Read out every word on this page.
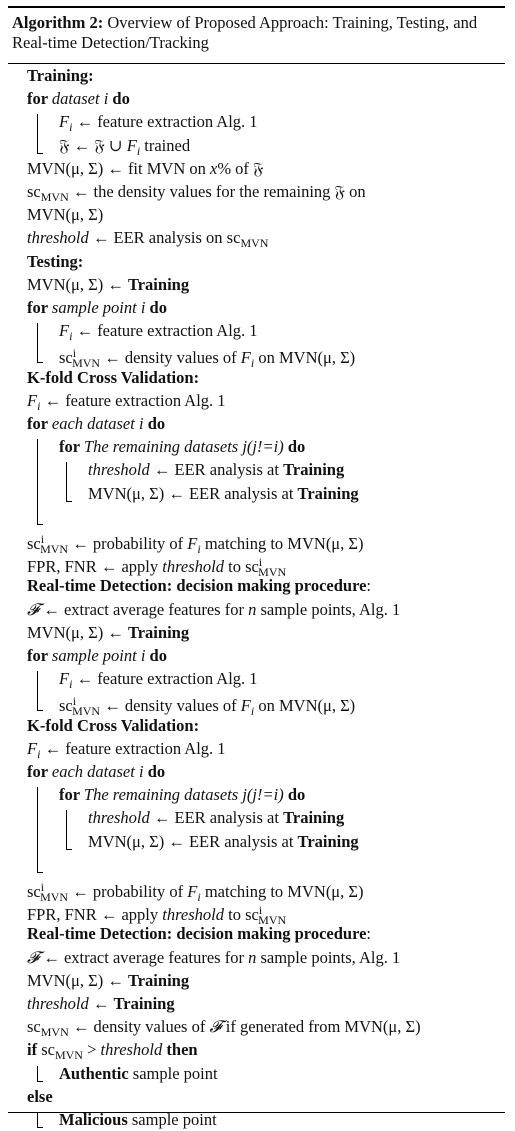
Algorithm 2: Overview of Proposed Approach: Training, Testing, and Real-time Detection/Tracking
Training:
for dataset i do
$F_i$ ← feature extraction Alg. 1
𝔉 ← 𝔉 ∪ $F_i$ trained
MVN(μ, Σ) ← fit MVN on x% of 𝔉
$sc_{MVN}$ ← the density values for the remaining 𝔉 on
MVN(μ, Σ)
threshold ← EER analysis on $sc_{MVN}$
Testing:
MVN(μ, Σ) ← Training
for sample point i do
$F_i$ ← feature extraction Alg. 1
$sc^i_{MVN}$ ← density values of $F_i$ on MVN(μ, Σ)
K-fold Cross Validation:
$F_i$ ← feature extraction Alg. 1
for each dataset i do
for The remaining datasets j(j!=i) do
threshold ← EER analysis at Training
MVN(μ, Σ) ← EER analysis at Training
$sc^i_{MVN}$ ← probability of $F_i$ matching to MVN(μ, Σ)
FPR, FNR ← apply threshold to $sc^i_{MVN}$
Real-time Detection: decision making procedure:
𝓕 ← extract average features for n sample points, Alg. 1
MVN(μ, Σ) ← Training
for sample point i do
$F_i$ ← feature extraction Alg. 1
$sc^i_{MVN}$ ← density values of $F_i$ on MVN(μ, Σ)
K-fold Cross Validation:
$F_i$ ← feature extraction Alg. 1
for each dataset i do
for The remaining datasets j(j!=i) do
threshold ← EER analysis at Training
MVN(μ, Σ) ← EER analysis at Training
$sc^i_{MVN}$ ← probability of $F_i$ matching to MVN(μ, Σ)
FPR, FNR ← apply threshold to $sc^i_{MVN}$
Real-time Detection: decision making procedure:
𝓕 ← extract average features for n sample points, Alg. 1
MVN(μ, Σ) ← Training
threshold ← Training
$sc_{MVN}$ ← density values of 𝓕 if generated from MVN(μ, Σ)
if $sc_{MVN}$ > threshold then
Authentic sample point
else
Malicious sample point
